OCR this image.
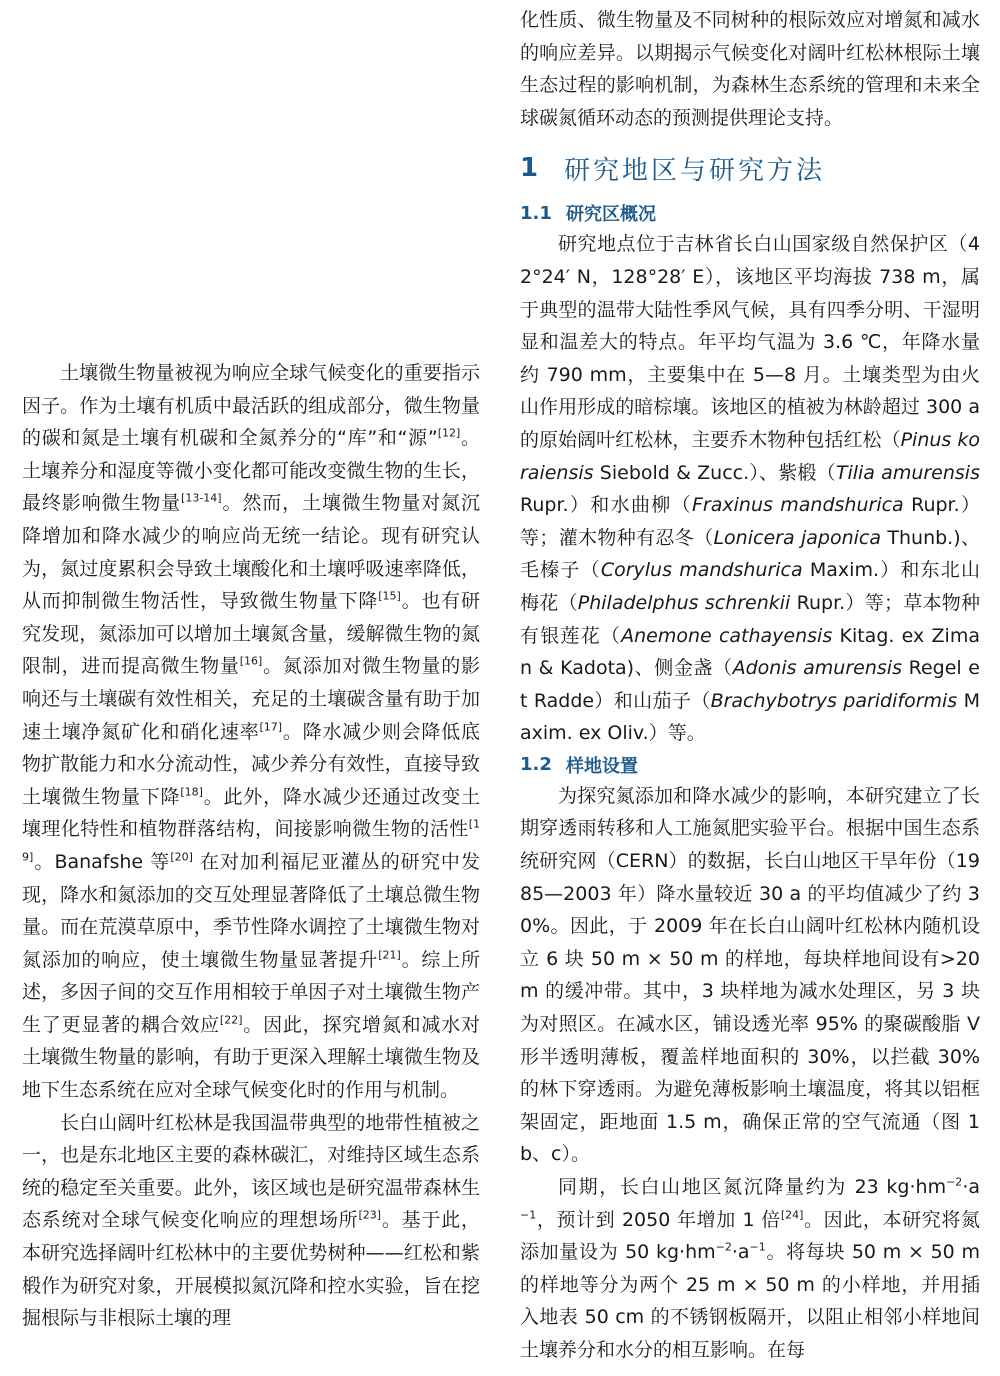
土壤微生物量被视为响应全球气候变化的重要指示因子。作为土壤有机质中最活跃的组成部分，微生物量的碳和氮是土壤有机碳和全氮养分的“库”和“源”[12]。土壤养分和湿度等微小变化都可能改变微生物的生长，最终影响微生物量[13-14]。然而，土壤微生物量对氮沉降增加和降水减少的响应尚无统一结论。现有研究认为，氮过度累积会导致土壤酸化和土壤呼吸速率降低，从而抑制微生物活性，导致微生物量下降[15]。也有研究发现，氮添加可以增加土壤氮含量，缓解微生物的氮限制，进而提高微生物量[16]。氮添加对微生物量的影响还与土壤碳有效性相关，充足的土壤碳含量有助于加速土壤净氮矿化和硝化速率[17]。降水减少则会降低底物扩散能力和水分流动性，减少养分有效性，直接导致土壤微生物量下降[18]。此外，降水减少还通过改变土壤理化特性和植物群落结构，间接影响微生物的活性[19]。Banafshe 等[20] 在对加利福尼亚灌丛的研究中发现，降水和氮添加的交互处理显著降低了土壤总微生物量。而在荒漠草原中，季节性降水调控了土壤微生物对氮添加的响应，使土壤微生物量显著提升[21]。综上所述，多因子间的交互作用相较于单因子对土壤微生物产生了更显著的耦合效应[22]。因此，探究增氮和减水对土壤微生物量的影响，有助于更深入理解土壤微生物及地下生态系统在应对全球气候变化时的作用与机制。

长白山阔叶红松林是我国温带典型的地带性植被之一，也是东北地区主要的森林碳汇，对维持区域生态系统的稳定至关重要。此外，该区域也是研究温带森林生态系统对全球气候变化响应的理想场所[23]。基于此，本研究选择阔叶红松林中的主要优势树种——红松和紫椴作为研究对象，开展模拟氮沉降和控水实验，旨在挖掘根际与非根际土壤的理

化性质、微生物量及不同树种的根际效应对增氮和减水的响应差异。以期揭示气候变化对阔叶红松林根际土壤生态过程的影响机制，为森林生态系统的管理和未来全球碳氮循环动态的预测提供理论支持。

1 研究地区与研究方法
1.1 研究区概况

研究地点位于吉林省长白山国家级自然保护区（42°24′ N，128°28′ E），该地区平均海拔 738 m，属于典型的温带大陆性季风气候，具有四季分明、干湿明显和温差大的特点。年平均气温为 3.6 ℃，年降水量约 790 mm，主要集中在 5—8 月。土壤类型为由火山作用形成的暗棕壤。该地区的植被为林龄超过 300 a 的原始阔叶红松林，主要乔木物种包括红松（Pinus koraiensis Siebold & Zucc.）、紫椴（Tilia amurensis Rupr.）和水曲柳（Fraxinus mandshurica Rupr.）等；灌木物种有忍冬（Lonicera japonica Thunb.)、毛榛子（Corylus mandshurica Maxim.）和东北山梅花（Philadelphus schrenkii Rupr.）等；草本物种有银莲花（Anemone cathayensis Kitag. ex Ziman & Kadota)、侧金盏（Adonis amurensis Regel et Radde）和山茄子（Brachybotrys paridiformis Maxim. ex Oliv.）等。

1.2 样地设置

为探究氮添加和降水减少的影响，本研究建立了长期穿透雨转移和人工施氮肥实验平台。根据中国生态系统研究网（CERN）的数据，长白山地区干旱年份（1985—2003 年）降水量较近 30 a 的平均值减少了约 30%。因此，于 2009 年在长白山阔叶红松林内随机设立 6 块 50 m × 50 m 的样地，每块样地间设有>20 m 的缓冲带。其中，3 块样地为减水处理区，另 3 块为对照区。在减水区，铺设透光率 95% 的聚碳酸脂 V 形半透明薄板，覆盖样地面积的 30%，以拦截 30% 的林下穿透雨。为避免薄板影响土壤温度，将其以铝框架固定，距地面 1.5 m，确保正常的空气流通（图 1b、c）。

同期，长白山地区氮沉降量约为 23 $kg\cdot hm^{-2}\cdot a^{-1}$，预计到 2050 年增加 1 倍[24]。因此，本研究将氮添加量设为 50 $kg\cdot hm^{-2}\cdot a^{-1}$。将每块 50 m × 50 m 的样地等分为两个 25 m × 50 m 的小样地，并用插入地表 50 cm 的不锈钢板隔开，以阻止相邻小样地间土壤养分和水分的相互影响。在每
